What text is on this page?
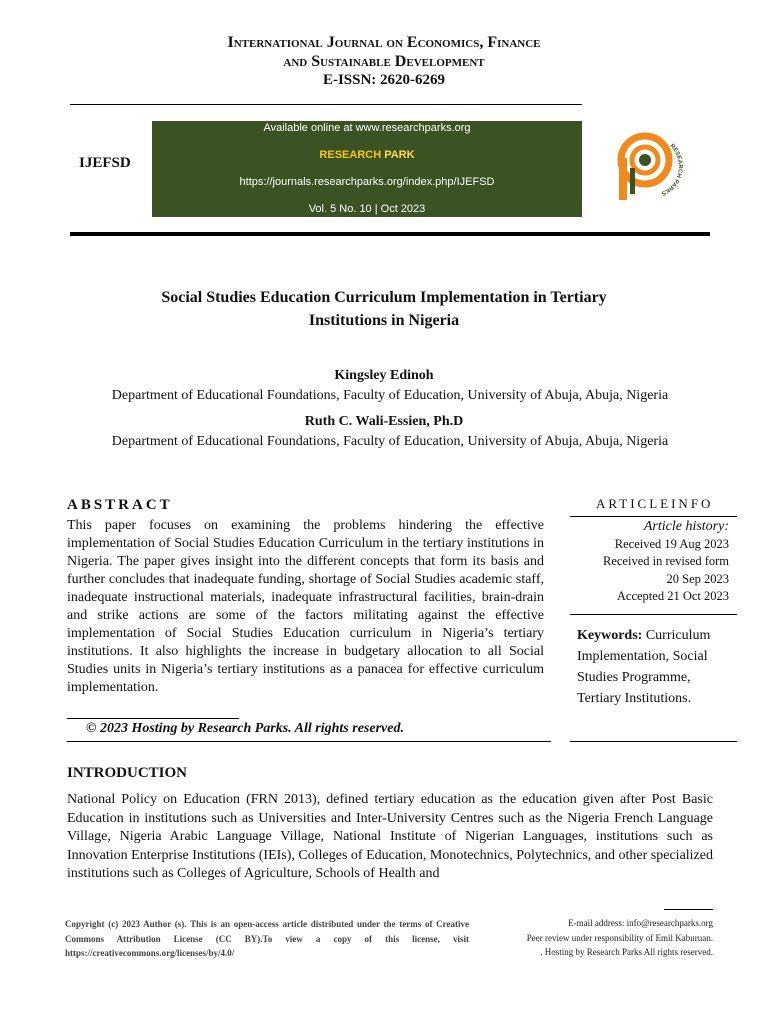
International Journal on Economics, Finance
and Sustainable Development
E-ISSN: 2620-6269
IJEFSD
Available online at www.researchparks.org
RESEARCH PARK
https://journals.researchparks.org/index.php/IJEFSD
Vol. 5 No. 10 | Oct 2023
RESEARCH PARKS
Social Studies Education Curriculum Implementation in Tertiary
Institutions in Nigeria
Kingsley Edinoh
Department of Educational Foundations, Faculty of Education, University of Abuja, Abuja, Nigeria
Ruth C. Wali-Essien, Ph.D
Department of Educational Foundations, Faculty of Education, University of Abuja, Abuja, Nigeria
ABSTRACT
This paper focuses on examining the problems hindering the effective implementation of Social Studies Education Curriculum in the tertiary institutions in Nigeria. The paper gives insight into the different concepts that form its basis and further concludes that inadequate funding, shortage of Social Studies academic staff, inadequate instructional materials, inadequate infrastructural facilities, brain-drain and strike actions are some of the factors militating against the effective implementation of Social Studies Education curriculum in Nigeria’s tertiary institutions. It also highlights the increase in budgetary allocation to all Social Studies units in Nigeria’s tertiary institutions as a panacea for effective curriculum implementation.
© 2023 Hosting by Research Parks. All rights reserved.
ARTICLEINFO
Article history:
Received 19 Aug 2023
Received in revised form
20 Sep 2023
Accepted 21 Oct 2023
Keywords: Curriculum Implementation, Social Studies Programme, Tertiary Institutions.
INTRODUCTION
National Policy on Education (FRN 2013), defined tertiary education as the education given after Post Basic Education in institutions such as Universities and Inter-University Centres such as the Nigeria French Language Village, Nigeria Arabic Language Village, National Institute of Nigerian Languages, institutions such as Innovation Enterprise Institutions (IEIs), Colleges of Education, Monotechnics, Polytechnics, and other specialized institutions such as Colleges of Agriculture, Schools of Health and
Copyright (c) 2023 Author (s). This is an open-access article distributed under the terms of Creative Commons Attribution License (CC BY).To view a copy of this license, visit https://creativecommons.org/licenses/by/4.0/
E-mail address: info@researchparks.org
Peer review under responsibility of Emil Kaburuan.
. Hosting by Research Parks All rights reserved.
